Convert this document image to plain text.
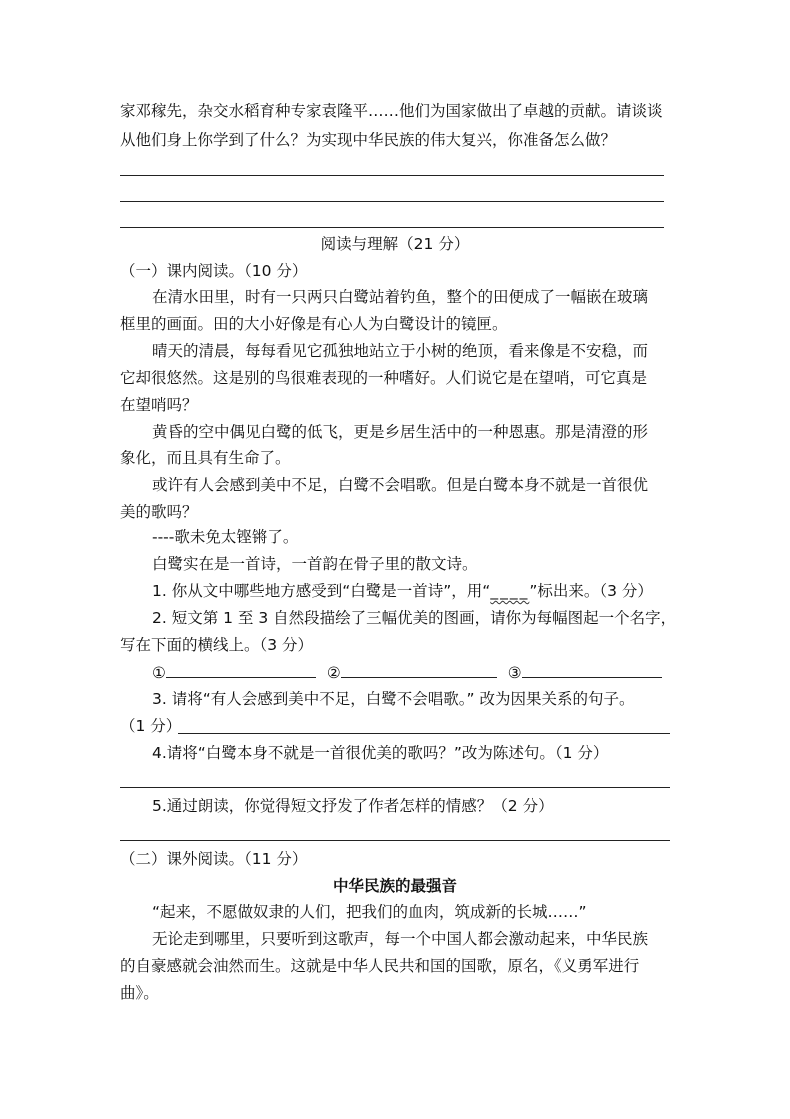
家邓稼先，杂交水稻育种专家袁隆平……他们为国家做出了卓越的贡献。请谈谈
从他们身上你学到了什么？为实现中华民族的伟大复兴，你准备怎么做？
阅读与理解（21 分）
（一）课内阅读。（10 分）
在清水田里，时有一只两只白鹭站着钓鱼，整个的田便成了一幅嵌在玻璃
框里的画面。田的大小好像是有心人为白鹭设计的镜匣。
晴天的清晨，每每看见它孤独地站立于小树的绝顶，看来像是不安稳，而
它却很悠然。这是别的鸟很难表现的一种嗜好。人们说它是在望哨，可它真是
在望哨吗？
黄昏的空中偶见白鹭的低飞，更是乡居生活中的一种恩惠。那是清澄的形
象化，而且具有生命了。
或许有人会感到美中不足，白鹭不会唱歌。但是白鹭本身不就是一首很优
美的歌吗？
----歌未免太铿锵了。
白鹭实在是一首诗，一首韵在骨子里的散文诗。
1. 你从文中哪些地方感受到“白鹭是一首诗”，用“____”标出来。（3 分）
2. 短文第 1 至 3 自然段描绘了三幅优美的图画，请你为每幅图起一个名字，
写在下面的横线上。（3 分）
①	②	③
3. 请将“有人会感到美中不足，白鹭不会唱歌。” 改为因果关系的句子。
（1 分）
4.请将“白鹭本身不就是一首很优美的歌吗？”改为陈述句。（1 分）
5.通过朗读，你觉得短文抒发了作者怎样的情感？（2 分）
（二）课外阅读。（11 分）
中华民族的最强音
“起来，不愿做奴隶的人们，把我们的血肉，筑成新的长城……”
无论走到哪里，只要听到这歌声，每一个中国人都会激动起来，中华民族
的自豪感就会油然而生。这就是中华人民共和国的国歌，原名，《义勇军进行
曲》。
